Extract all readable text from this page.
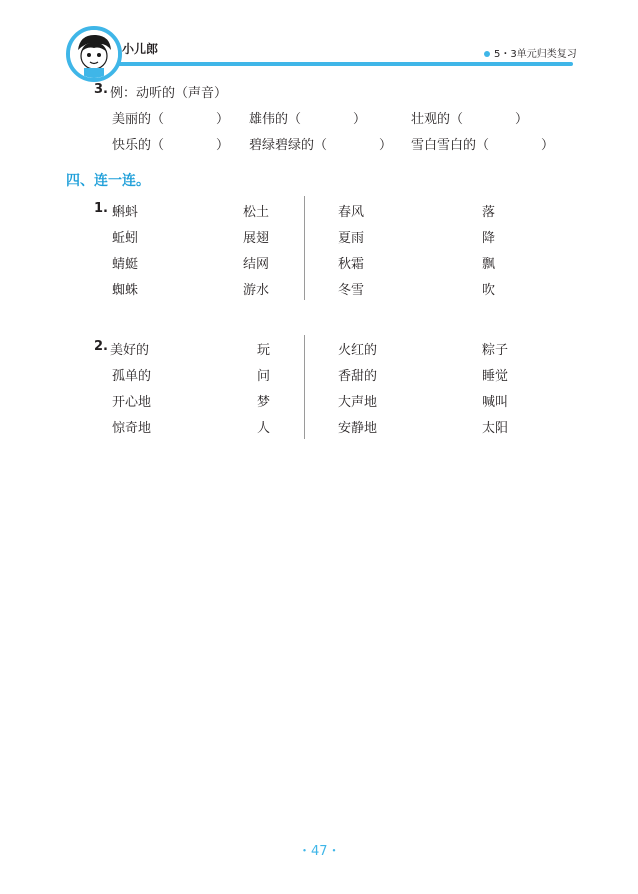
小儿郎	5・3单元归类复习
3. 例：动听的（声音）
美丽的（　　　　） 雄伟的（　　　　）	壮观的（　　　　）
快乐的（　　　　） 碧绿碧绿的（　　　　） 雪白雪白的（　　　　）
四、连一连。
1. 蝌蚪
蚯蚓
蜻蜓
蜘蛛
松土
展翅
结网
游水
春风
夏雨
秋霜
冬雪
落
降
飘
吹
2. 美好的
孤单的
开心地
惊奇地
玩
问
梦
人
火红的
香甜的
大声地
安静地
粽子
睡觉
喊叫
太阳
・47・
